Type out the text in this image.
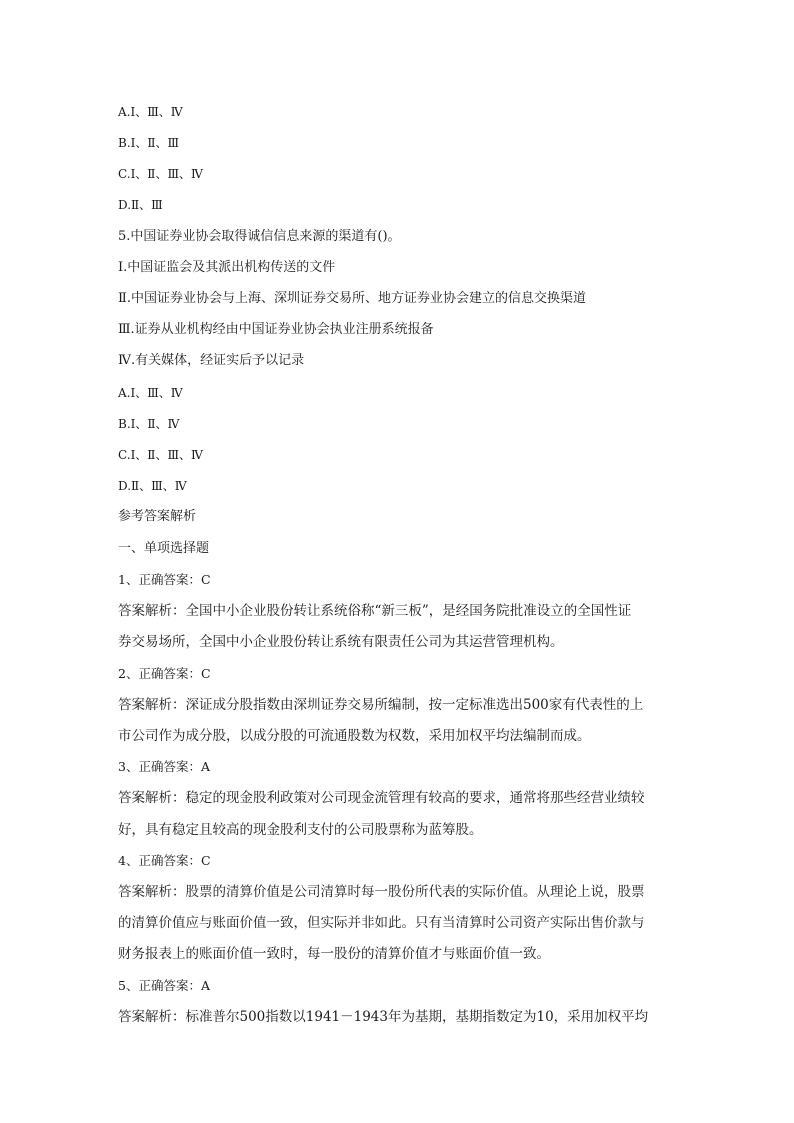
A.Ⅰ、Ⅲ、Ⅳ
B.Ⅰ、Ⅱ、Ⅲ
C.Ⅰ、Ⅱ、Ⅲ、Ⅳ
D.Ⅱ、Ⅲ
5.中国证券业协会取得诚信信息来源的渠道有()。
Ⅰ.中国证监会及其派出机构传送的文件
Ⅱ.中国证券业协会与上海、深圳证券交易所、地方证券业协会建立的信息交换渠道
Ⅲ.证券从业机构经由中国证券业协会执业注册系统报备
Ⅳ.有关媒体，经证实后予以记录
A.Ⅰ、Ⅲ、Ⅳ
B.Ⅰ、Ⅱ、Ⅳ
C.Ⅰ、Ⅱ、Ⅲ、Ⅳ
D.Ⅱ、Ⅲ、Ⅳ
参考答案解析
一、单项选择题
1、正确答案：C
答案解析：全国中小企业股份转让系统俗称“新三板”，是经国务院批准设立的全国性证
券交易场所，全国中小企业股份转让系统有限责任公司为其运营管理机构。
2、正确答案：C
答案解析：深证成分股指数由深圳证券交易所编制，按一定标准选出500家有代表性的上
市公司作为成分股，以成分股的可流通股数为权数，采用加权平均法编制而成。
3、正确答案：A
答案解析：稳定的现金股利政策对公司现金流管理有较高的要求，通常将那些经营业绩较
好，具有稳定且较高的现金股利支付的公司股票称为蓝筹股。
4、正确答案：C
答案解析：股票的清算价值是公司清算时每一股份所代表的实际价值。从理论上说，股票
的清算价值应与账面价值一致，但实际并非如此。只有当清算时公司资产实际出售价款与
财务报表上的账面价值一致时，每一股份的清算价值才与账面价值一致。
5、正确答案：A
答案解析：标准普尔500指数以1941－1943年为基期，基期指数定为10，采用加权平均
